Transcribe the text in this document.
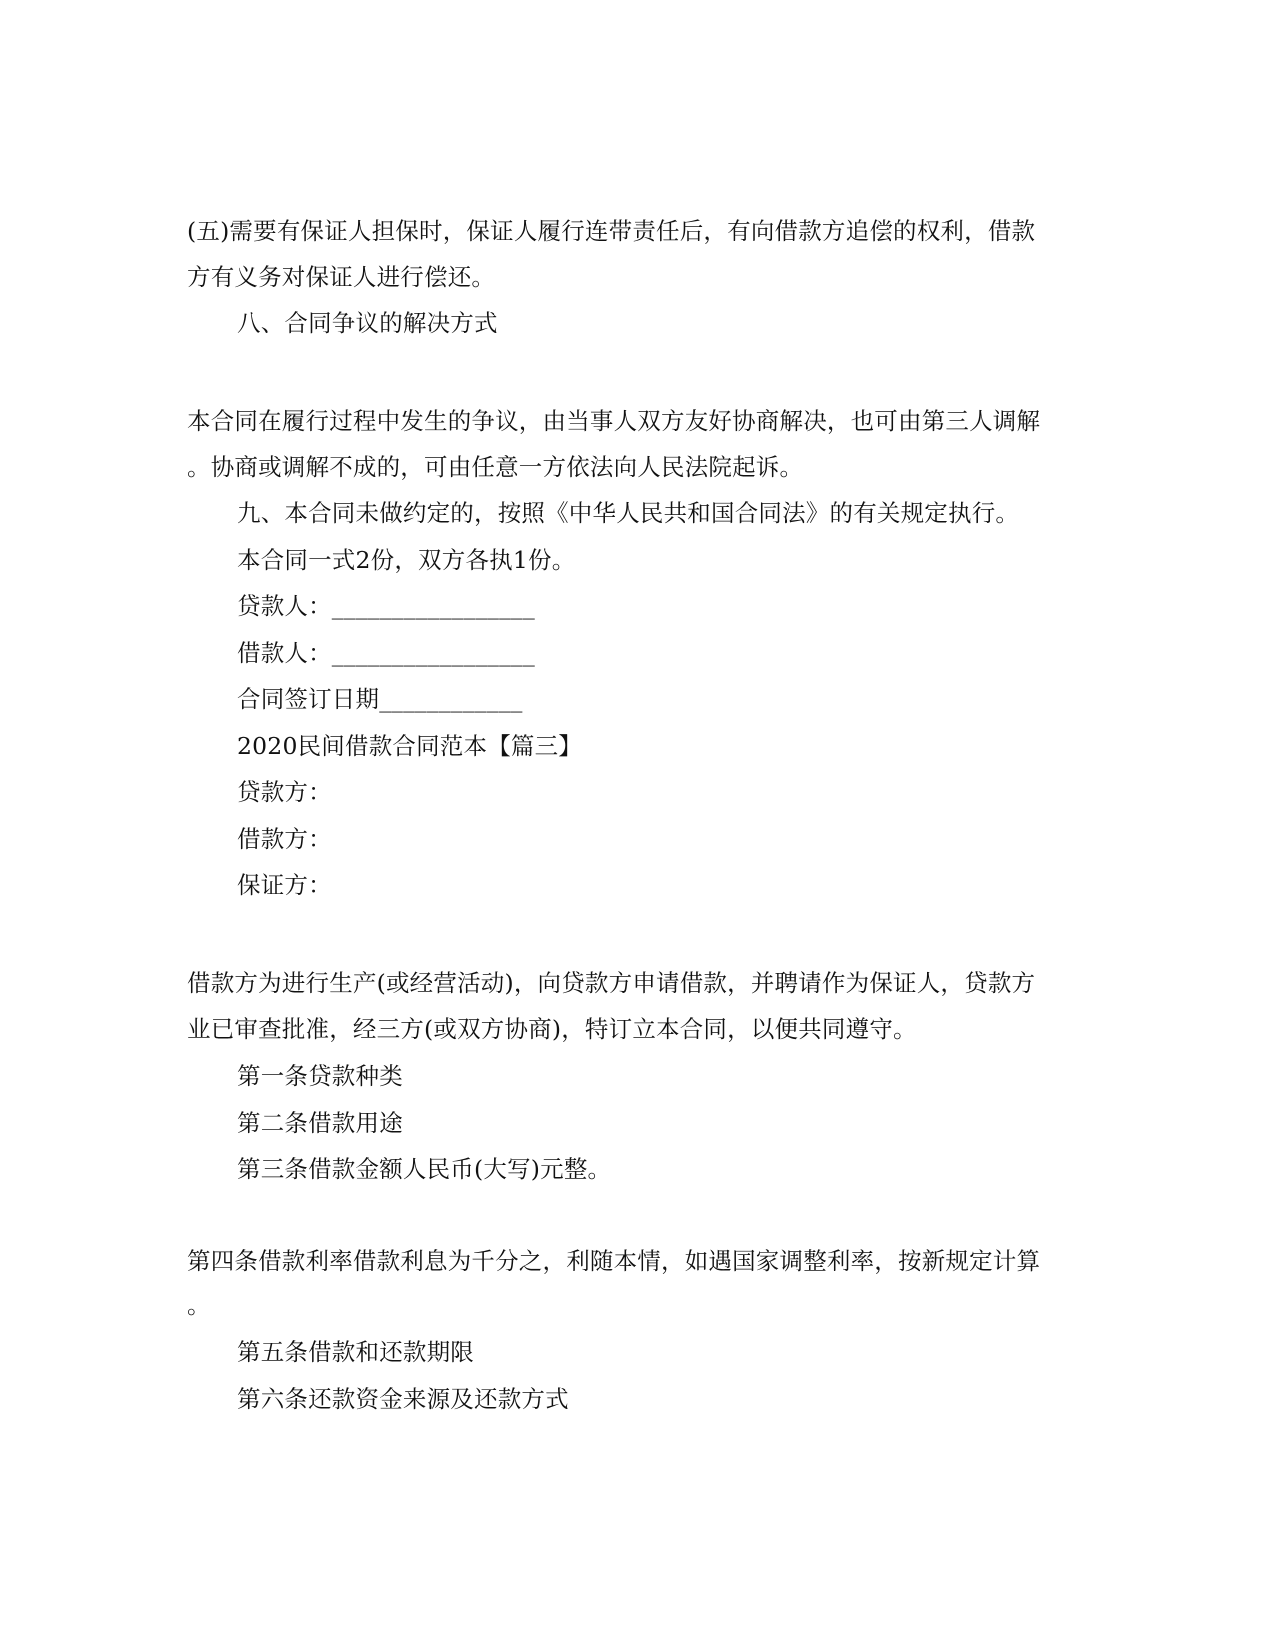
(五)需要有保证人担保时，保证人履行连带责任后，有向借款方追偿的权利，借款
方有义务对保证人进行偿还。
八、合同争议的解决方式
本合同在履行过程中发生的争议，由当事人双方友好协商解决，也可由第三人调解
。协商或调解不成的，可由任意一方依法向人民法院起诉。
九、本合同未做约定的，按照《中华人民共和国合同法》的有关规定执行。
本合同一式2份，双方各执1份。
贷款人：_________________
借款人：_________________
合同签订日期____________
2020民间借款合同范本【篇三】
贷款方：
借款方：
保证方：
借款方为进行生产(或经营活动)，向贷款方申请借款，并聘请作为保证人，贷款方
业已审查批准，经三方(或双方协商)，特订立本合同，以便共同遵守。
第一条贷款种类
第二条借款用途
第三条借款金额人民币(大写)元整。
第四条借款利率借款利息为千分之，利随本情，如遇国家调整利率，按新规定计算
。
第五条借款和还款期限
第六条还款资金来源及还款方式
